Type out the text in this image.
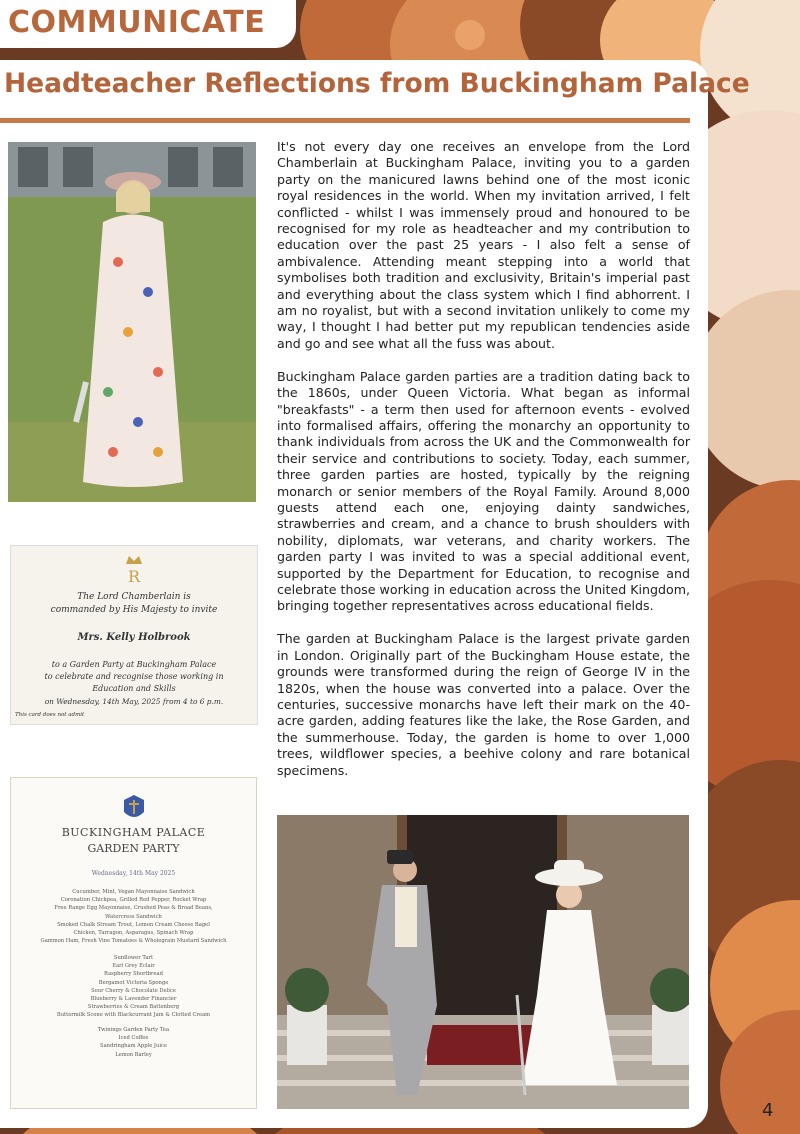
COMMUNICATE
Headteacher Reflections from Buckingham Palace
R
The Lord Chamberlain is
commanded by His Majesty to invite
Mrs. Kelly Holbrook
to a Garden Party at Buckingham Palace
to celebrate and recognise those working in
Education and Skills
on Wednesday, 14th May, 2025 from 4 to 6 p.m.
This card does not admit
BUCKINGHAM PALACE
GARDEN PARTY
Wednesday, 14th May 2025
Cucumber, Mint, Vegan Mayonnaise Sandwich
Coronation Chickpea, Grilled Red Pepper, Rocket Wrap
Free Range Egg Mayonnaise, Crushed Peas & Broad Beans,
Watercress Sandwich
Smoked Chalk Stream Trout, Lemon Cream Cheese Bagel
Chicken, Tarragon, Asparagus, Spinach Wrap
Gammon Ham, Fresh Vine Tomatoes & Wholegrain Mustard Sandwich
Sunflower Tart
Earl Grey Eclair
Raspberry Shortbread
Bergamot Victoria Sponge
Sour Cherry & Chocolate Delice
Blueberry & Lavender Financier
Strawberries & Cream Battenberg
Buttermilk Scone with Blackcurrant Jam & Clotted Cream
Twinings Garden Party Tea
Iced Coffee
Sandringham Apple Juice
Lemon Barley

It's not every day one receives an envelope from the Lord Chamberlain at Buckingham Palace, inviting you to a garden party on the manicured lawns behind one of the most iconic royal residences in the world. When my invitation arrived, I felt conflicted - whilst I was immensely proud and honoured to be recognised for my role as headteacher and my contribution to education over the past 25 years - I also felt a sense of ambivalence. Attending meant stepping into a world that symbolises both tradition and exclusivity, Britain's imperial past and everything about the class system which I find abhorrent. I am no royalist, but with a second invitation unlikely to come my way, I thought I had better put my republican tendencies aside and go and see what all the fuss was about.

Buckingham Palace garden parties are a tradition dating back to the 1860s, under Queen Victoria. What began as informal "breakfasts" - a term then used for afternoon events - evolved into formalised affairs, offering the monarchy an opportunity to thank individuals from across the UK and the Commonwealth for their service and contributions to society. Today, each summer, three garden parties are hosted, typically by the reigning monarch or senior members of the Royal Family. Around 8,000 guests attend each one, enjoying dainty sandwiches, strawberries and cream, and a chance to brush shoulders with nobility, diplomats, war veterans, and charity workers. The garden party I was invited to was a special additional event, supported by the Department for Education, to recognise and celebrate those working in education across the United Kingdom, bringing together representatives across educational fields.

The garden at Buckingham Palace is the largest private garden in London. Originally part of the Buckingham House estate, the grounds were transformed during the reign of George IV in the 1820s, when the house was converted into a palace. Over the centuries, successive monarchs have left their mark on the 40-acre garden, adding features like the lake, the Rose Garden, and the summerhouse. Today, the garden is home to over 1,000 trees, wildflower species, a beehive colony and rare botanical specimens.

4
